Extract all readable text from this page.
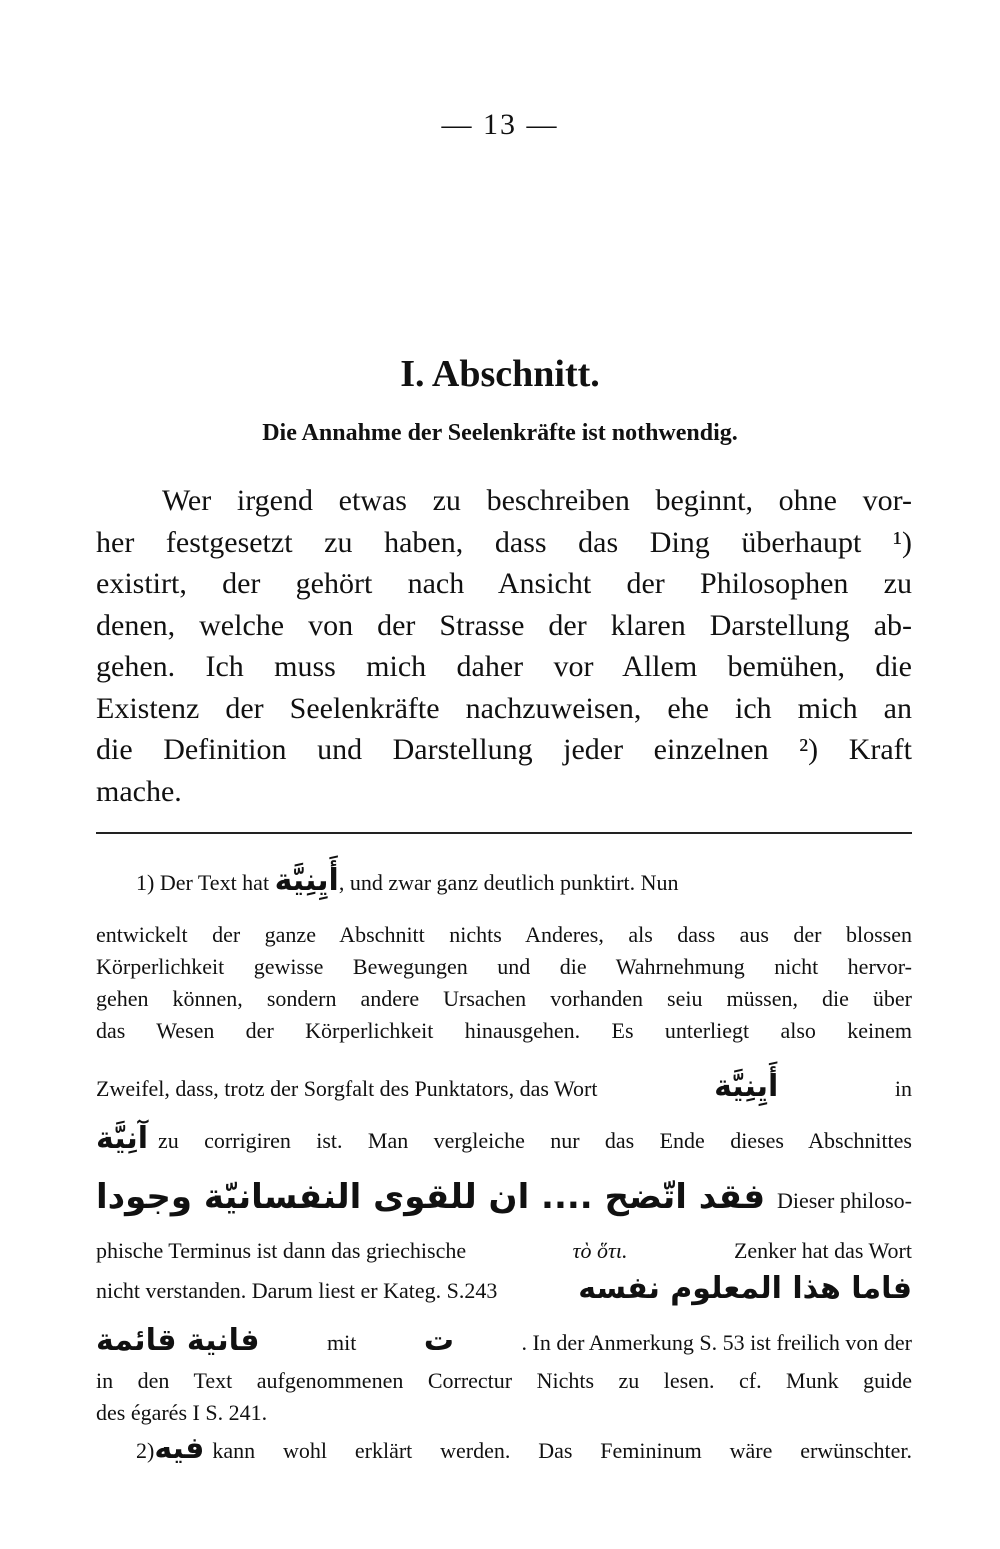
— 13 —
I. Abschnitt.
Die Annahme der Seelenkräfte ist nothwendig.
Wer irgend etwas zu beschreiben beginnt, ohne vor-
her festgesetzt zu haben, dass das Ding überhaupt ¹)
existirt, der gehört nach Ansicht der Philosophen zu
denen, welche von der Strasse der klaren Darstellung ab-
gehen. Ich muss mich daher vor Allem bemühen, die
Existenz der Seelenkräfte nachzuweisen, ehe ich mich an
die Definition und Darstellung jeder einzelnen ²) Kraft
mache.
1) Der Text hat أَيِنِيَّة, und zwar ganz deutlich punktirt. Nun
entwickelt der ganze Abschnitt nichts Anderes, als dass aus der blossen
Körperlichkeit gewisse Bewegungen und die Wahrnehmung nicht hervor-
gehen können, sondern andere Ursachen vorhanden seiu müssen, die über
das Wesen der Körperlichkeit hinausgehen. Es unterliegt also keinem
Zweifel, dass, trotz der Sorgfalt des Punktators, das Wort	أَيِنِيَّة	in
آنِيَّة zu corrigiren ist. Man vergleiche nur das Ende dieses Abschnittes
ان للقوى النفسانيّة وجودا فقد اتّضح .... Dieser philoso-
phische Terminus ist dann das griechische	τὸ ὅτι.	Zenker hat das Wort
nicht verstanden. Darum liest er Kateg. S.243	فاما هذا المعلوم نفسه
فانية قائمة	mit ت	. In der Anmerkung S. 53 ist freilich von der
in den Text aufgenommenen Correctur Nichts zu lesen. cf. Munk guide
des égarés I S. 241.
2) فيه kann wohl erklärt werden. Das Femininum wäre erwünschter.
